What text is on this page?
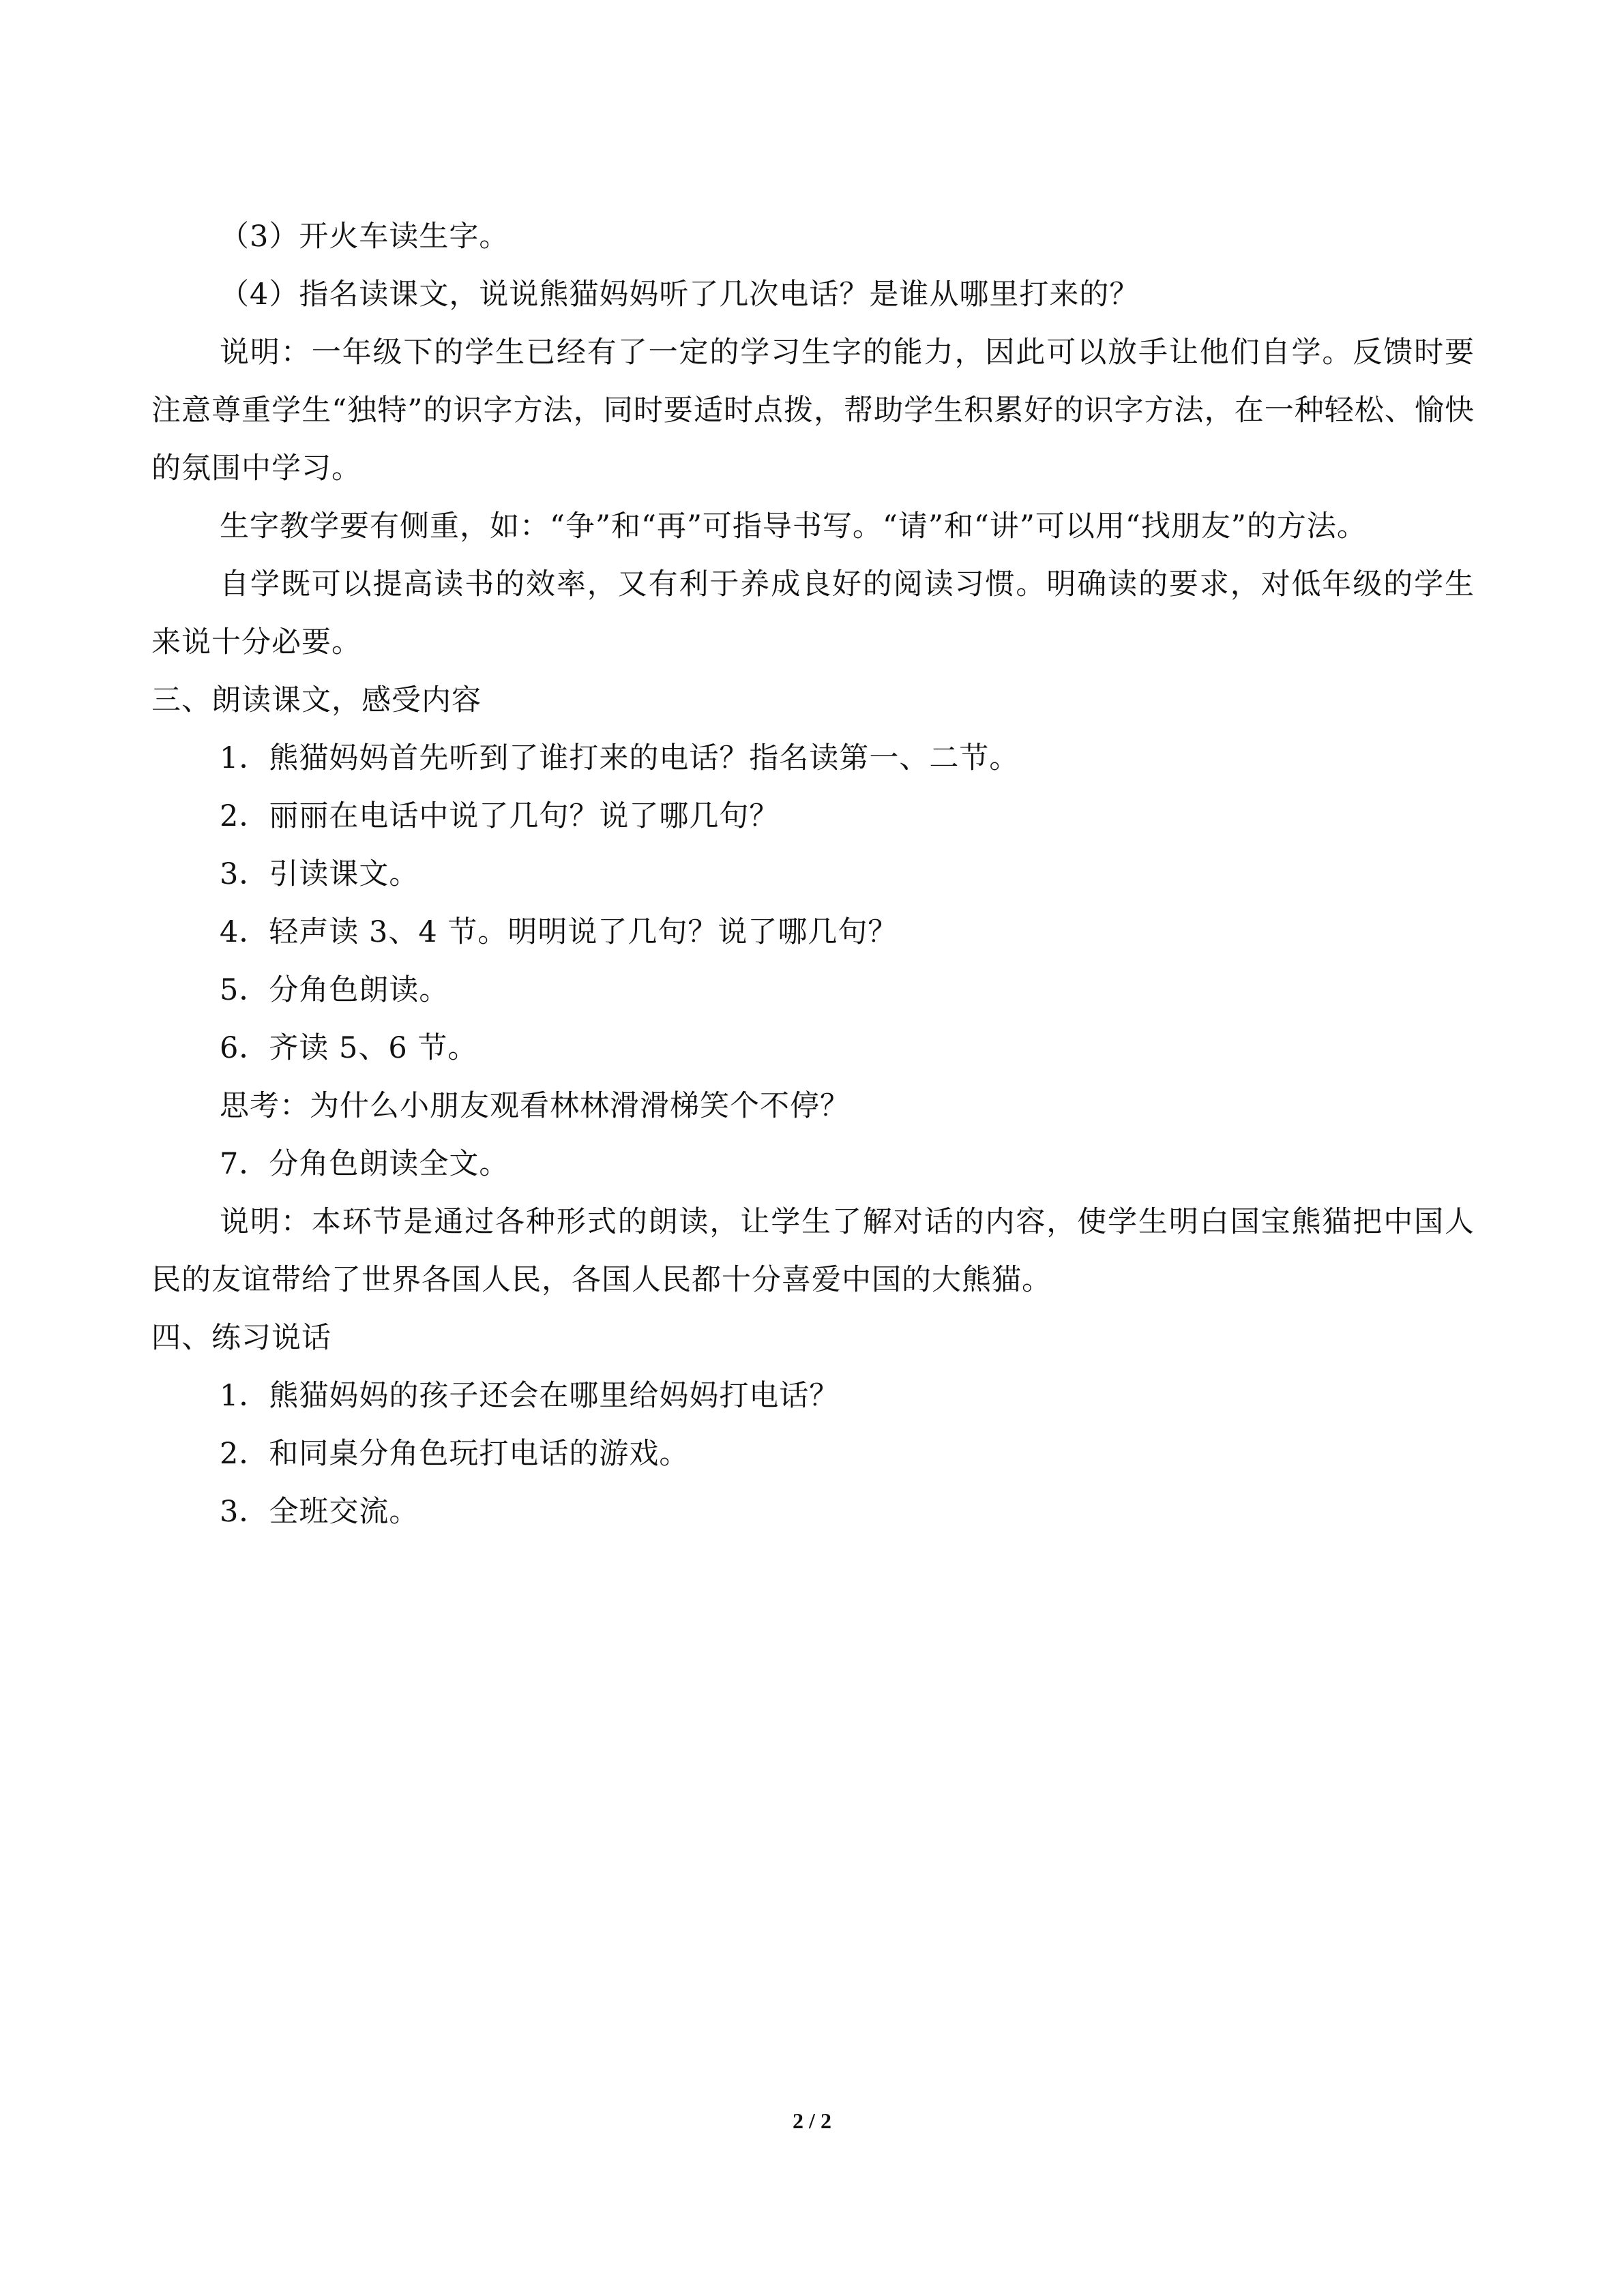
（3）开火车读生字。
（4）指名读课文，说说熊猫妈妈听了几次电话？是谁从哪里打来的？
说明：一年级下的学生已经有了一定的学习生字的能力，因此可以放手让他们自学。反馈时要注意尊重学生“独特”的识字方法，同时要适时点拨，帮助学生积累好的识字方法，在一种轻松、愉快的氛围中学习。
生字教学要有侧重，如：“争”和“再”可指导书写。“请”和“讲”可以用“找朋友”的方法。
自学既可以提高读书的效率，又有利于养成良好的阅读习惯。明确读的要求，对低年级的学生来说十分必要。
三、朗读课文，感受内容
1．熊猫妈妈首先听到了谁打来的电话？指名读第一、二节。
2．丽丽在电话中说了几句？说了哪几句？
3．引读课文。
4．轻声读 3、4 节。明明说了几句？说了哪几句？
5．分角色朗读。
6．齐读 5、6 节。
思考：为什么小朋友观看林林滑滑梯笑个不停？
7．分角色朗读全文。
说明：本环节是通过各种形式的朗读，让学生了解对话的内容，使学生明白国宝熊猫把中国人民的友谊带给了世界各国人民，各国人民都十分喜爱中国的大熊猫。
四、练习说话
1．熊猫妈妈的孩子还会在哪里给妈妈打电话？
2．和同桌分角色玩打电话的游戏。
3．全班交流。
2 / 2
